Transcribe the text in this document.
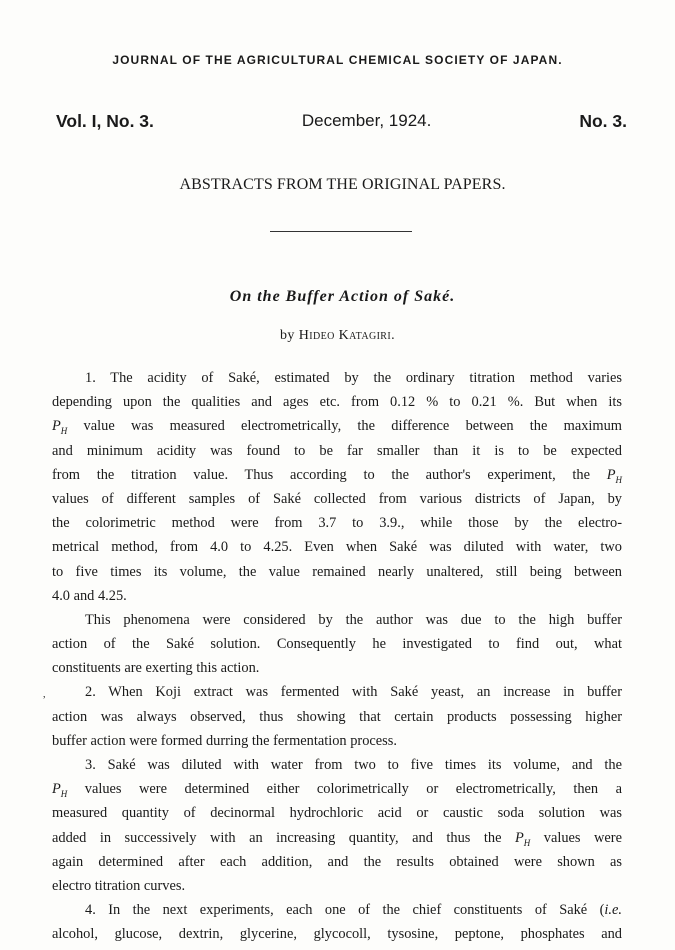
JOURNAL OF THE AGRICULTURAL CHEMICAL SOCIETY OF JAPAN.
Vol. I, No. 3.	December, 1924.	No. 3.
ABSTRACTS FROM THE ORIGINAL PAPERS.
On the Buffer Action of Saké.
by Hideo Katagiri.
,

1. The acidity of Saké, estimated by the ordinary titration method varies
depending upon the qualities and ages etc. from 0.12 % to 0.21 %. But when its
$P_H$ value was measured electrometrically, the difference between the maximum
and minimum acidity was found to be far smaller than it is to be expected
from the titration value. Thus according to the author's experiment, the $P_H$
values of different samples of Saké collected from various districts of Japan, by
the colorimetric method were from 3.7 to 3.9., while those by the electro-
metrical method, from 4.0 to 4.25. Even when Saké was diluted with water, two
to five times its volume, the value remained nearly unaltered, still being between
4.0 and 4.25.

This phenomena were considered by the author was due to the high buffer
action of the Saké solution. Consequently he investigated to find out, what
constituents are exerting this action.

2. When Koji extract was fermented with Saké yeast, an increase in buffer
action was always observed, thus showing that certain products possessing higher
buffer action were formed durring the fermentation process.

3. Saké was diluted with water from two to five times its volume, and the
$P_H$ values were determined either colorimetrically or electrometrically, then a
measured quantity of decinormal hydrochloric acid or caustic soda solution was
added in successively with an increasing quantity, and thus the $P_H$ values were
again determined after each addition, and the results obtained were shown as
electro titration curves.

4. In the next experiments, each one of the chief constituents of Saké (i.e.
alcohol, glucose, dextrin, glycerine, glycocoll, tysosine, peptone, phosphates and
